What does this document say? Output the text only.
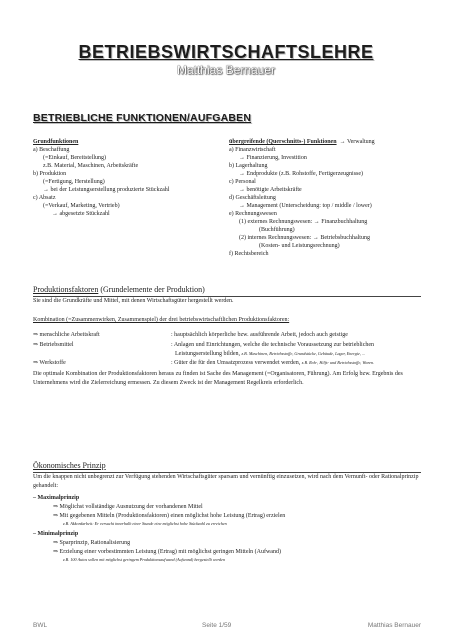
BETRIEBSWIRTSCHAFTSLEHRE
Matthias Bernauer
BETRIEBLICHE FUNKTIONEN/AUFGABEN
Grundfunktionen
a) Beschaffung
(=Einkauf, Bereitstellung)
z.B. Material, Maschinen, Arbeitskräfte
b) Produktion
(=Fertigung, Herstellung)
→ bei der Leistungserstellung produzierte Stückzahl
c) Absatz
(=Verkauf, Marketing, Vertrieb)
→ abgesetzte Stückzahl
übergreifende (Querschnitts-) Funktionen → Verwaltung
a) Finanzwirtschaft
→ Finanzierung, Investition
b) Lagerhaltung
→ Endprodukte (z.B. Rohstoffe, Fertigerzeugnisse)
c) Personal
→ benötigte Arbeitskräfte
d) Geschäftsleitung
→ Management (Unterscheidung: top / middle / lower)
e) Rechnungswesen
(1) externes Rechnungswesen: → Finanzbuchhaltung
(Buchführung)
(2) internes Rechnungswesen: → Betriebsbuchhaltung
(Kosten- und Leistungsrechnung)
f) Rechtsbereich
Produktionsfaktoren (Grundelemente der Produktion)
Sie sind die Grundkräfte und Mittel, mit denen Wirtschaftsgüter hergestellt werden.
Kombination (=Zusammenwirken, Zusammenspiel) der drei betriebswirtschaftlichen Produktionsfaktoren:
⇒ menschliche Arbeitskraft	: hauptsächlich körperliche bzw. ausführende Arbeit, jedoch auch geistige
⇒ Betriebsmittel	: Anlagen und Einrichtungen, welche die technische Voraussetzung zur betrieblichen
Leistungserstellung bilden, z.B. Maschinen, Betriebsstoffe, Grundstücke, Gebäude, Lager, Energie, ...
⇒ Werkstoffe	: Güter die für den Umsatzprozess verwendet werden, z.B. Roh-, Hilfs- und Betriebsstoffe, Waren.
Die optimale Kombination der Produktionsfaktoren heraus zu finden ist Sache des Management (=Organisatoren, Führung). Am Erfolg bzw. Ergebnis des Unternehmens wird die Zielerreichung ermessen. Zu diesem Zweck ist der Management Regelkreis erforderlich.
Ökonomisches Prinzip
Um die knappen nicht unbegrenzt zur Verfügung stehenden Wirtschaftsgüter sparsam und vernünftig einzusetzen, wird nach dem Vernunft- oder Rationalprinzip gehandelt:
– Maximalprinzip
⇒ Möglichst vollständige Ausnutzung der vorhandenen Mittel
⇒ Mit gegebenen Mitteln (Produktionsfaktoren) einen möglichst hohe Leistung (Ertrag) erzielen
z.B. Akkordarbeit: Er versucht innerhalb einer Stunde eine möglichst hohe Stückzahl zu erreichen
– Minimalprinzip
⇒ Sparprinzip, Rationalisierung
⇒ Erzielung einer vorbestimmten Leistung (Ertrag) mit möglichst geringen Mitteln (Aufwand)
z.B. 100 Autos sollen mit möglichst geringem Produktionsaufwand (Aufwand) hergestellt werden
BWL	Seite 1/59	Matthias Bernauer
